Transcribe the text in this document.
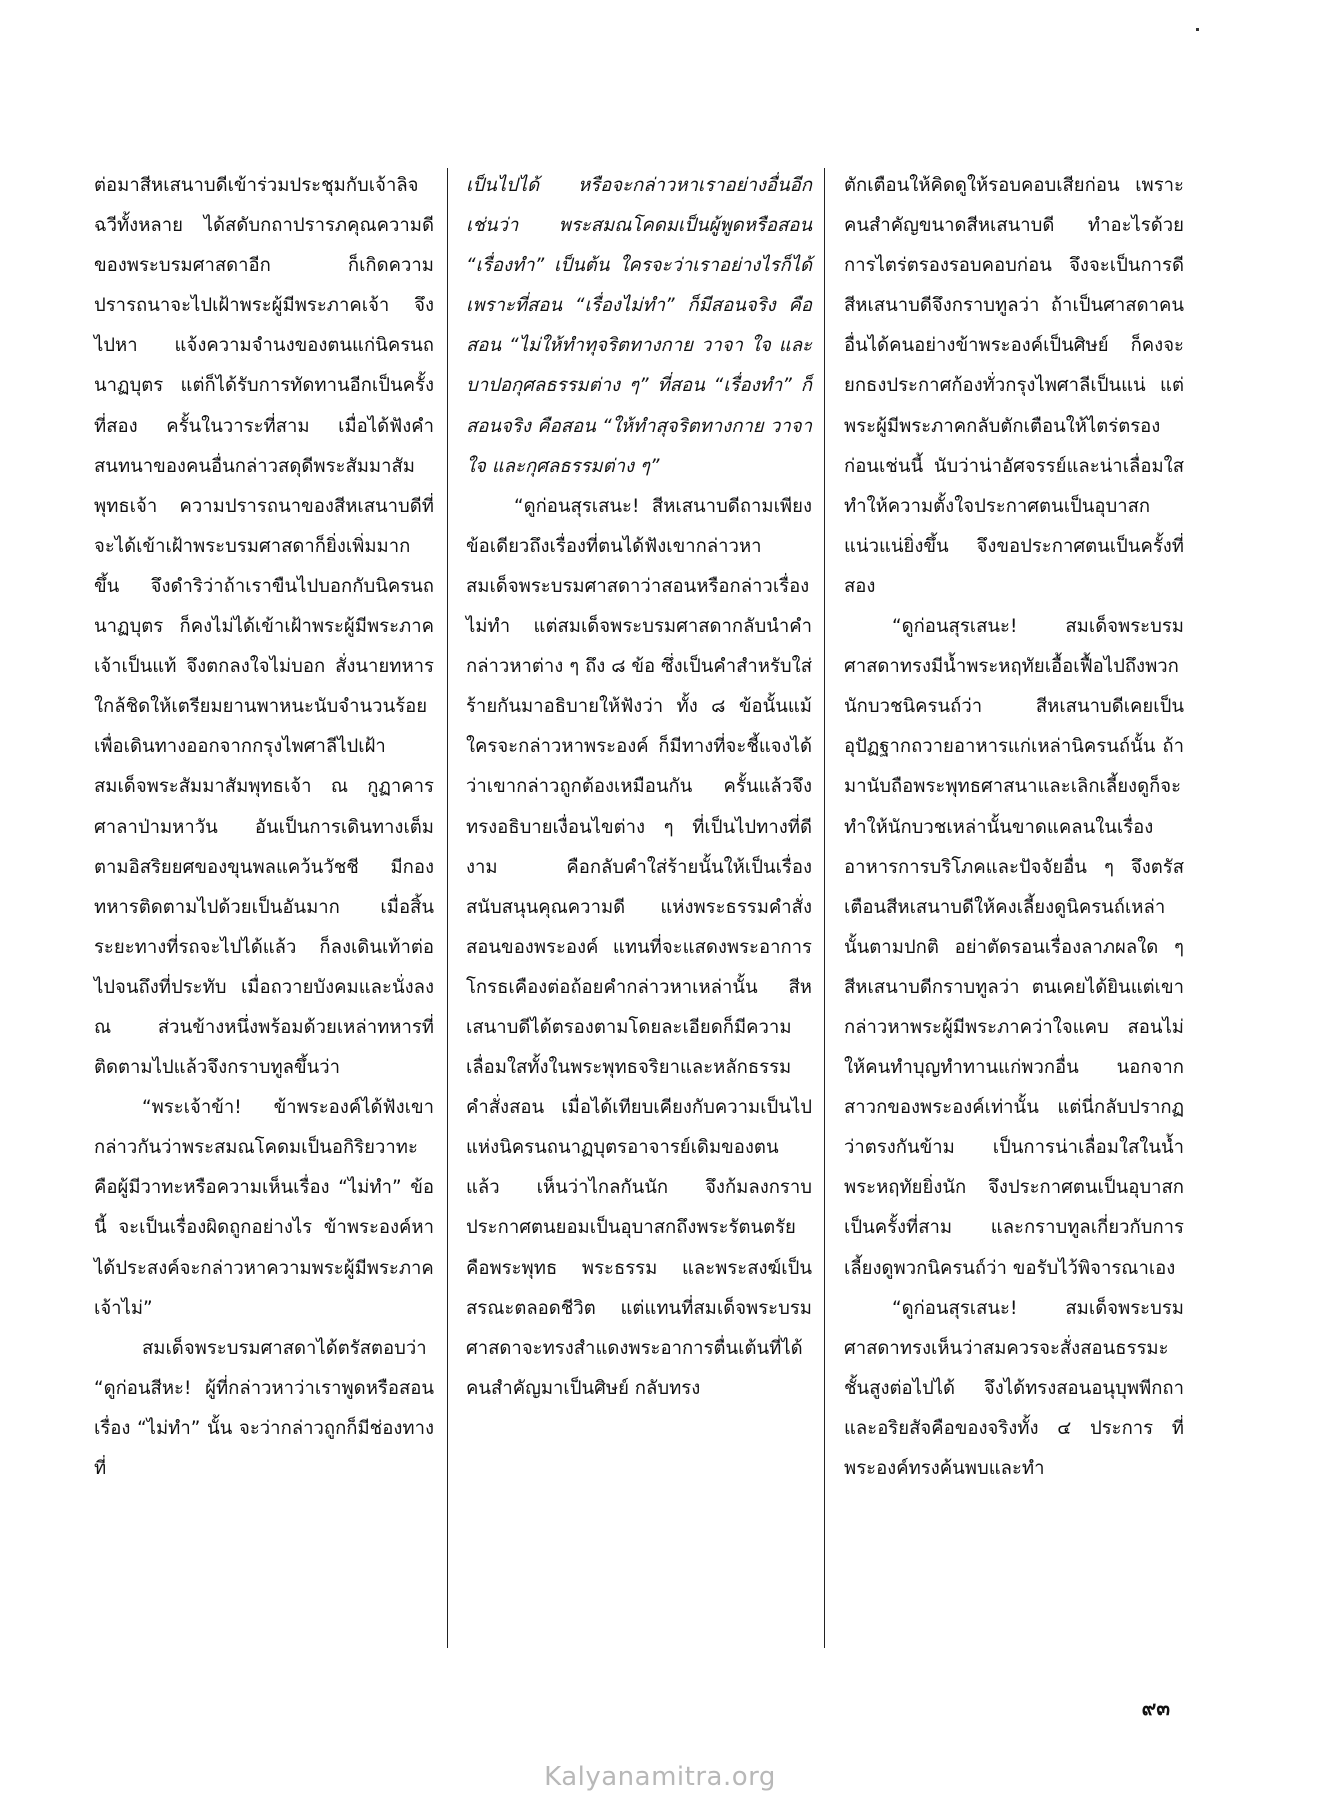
ต่อมาสีหเสนาบดีเข้าร่วมประชุมกับเจ้าลิจฉวีทั้งหลาย ได้สดับกถาปรารภคุณความดีของพระบรมศาสดาอีก ก็เกิดความปรารถนาจะไปเฝ้าพระผู้มีพระภาคเจ้า จึงไปหา แจ้งความจำนงของตนแก่นิครนถนาฏบุตร แต่ก็ได้รับการทัดทานอีกเป็นครั้งที่สอง ครั้นในวาระที่สาม เมื่อได้ฟังคำสนทนาของคนอื่นกล่าวสดุดีพระสัมมาสัมพุทธเจ้า ความปรารถนาของสีหเสนาบดีที่จะได้เข้าเฝ้าพระบรมศาสดาก็ยิ่งเพิ่มมากขึ้น จึงดำริว่าถ้าเราขืนไปบอกกับนิครนถนาฏบุตร ก็คงไม่ได้เข้าเฝ้าพระผู้มีพระภาคเจ้าเป็นแท้ จึงตกลงใจไม่บอก สั่งนายทหารใกล้ชิดให้เตรียมยานพาหนะนับจำนวนร้อย เพื่อเดินทางออกจากกรุงไพศาลีไปเฝ้าสมเด็จพระสัมมาสัมพุทธเจ้า ณ กูฏาคารศาลาป่ามหาวัน อันเป็นการเดินทางเต็มตามอิสริยยศของขุนพลแคว้นวัชชี มีกองทหารติดตามไปด้วยเป็นอันมาก เมื่อสิ้นระยะทางที่รถจะไปได้แล้ว ก็ลงเดินเท้าต่อไปจนถึงที่ประทับ เมื่อถวายบังคมและนั่งลง ณ ส่วนข้างหนึ่งพร้อมด้วยเหล่าทหารที่ติดตามไปแล้วจึงกราบทูลขึ้นว่า

“พระเจ้าข้า! ข้าพระองค์ได้ฟังเขากล่าวกันว่าพระสมณโคดมเป็นอกิริยวาทะ คือผู้มีวาทะหรือความเห็นเรื่อง “ไม่ทำ” ข้อนี้ จะเป็นเรื่องผิดถูกอย่างไร ข้าพระองค์หาได้ประสงค์จะกล่าวหาความพระผู้มีพระภาคเจ้าไม่”

สมเด็จพระบรมศาสดาได้ตรัสตอบว่า “ดูก่อนสีหะ! ผู้ที่กล่าวหาว่าเราพูดหรือสอนเรื่อง “ไม่ทำ” นั้น จะว่ากล่าวถูกก็มีช่องทางที่

เป็นไปได้ หรือจะกล่าวหาเราอย่างอื่นอีก เช่นว่า พระสมณโคดมเป็นผู้พูดหรือสอน “เรื่องทำ” เป็นต้น ใครจะว่าเราอย่างไรก็ได้ เพราะที่สอน “เรื่องไม่ทำ” ก็มีสอนจริง คือสอน “ไม่ให้ทำทุจริตทางกาย วาจา ใจ และบาปอกุศลธรรมต่าง ๆ” ที่สอน “เรื่องทำ” ก็สอนจริง คือสอน “ให้ทำสุจริตทางกาย วาจา ใจ และกุศลธรรมต่าง ๆ”

“ดูก่อนสุรเสนะ! สีหเสนาบดีถามเพียงข้อเดียวถึงเรื่องที่ตนได้ฟังเขากล่าวหาสมเด็จพระบรมศาสดาว่าสอนหรือกล่าวเรื่อง ไม่ทำ แต่สมเด็จพระบรมศาสดากลับนำคำกล่าวหาต่าง ๆ ถึง ๘ ข้อ ซึ่งเป็นคำสำหรับใส่ร้ายกันมาอธิบายให้ฟังว่า ทั้ง ๘ ข้อนั้นแม้ใครจะกล่าวหาพระองค์ ก็มีทางที่จะชี้แจงได้ว่าเขากล่าวถูกต้องเหมือนกัน ครั้นแล้วจึงทรงอธิบายเงื่อนไขต่าง ๆ ที่เป็นไปทางที่ดีงาม คือกลับคำใส่ร้ายนั้นให้เป็นเรื่องสนับสนุนคุณความดี แห่งพระธรรมคำสั่งสอนของพระองค์ แทนที่จะแสดงพระอาการโกรธเคืองต่อถ้อยคำกล่าวหาเหล่านั้น สีหเสนาบดีได้ตรองตามโดยละเอียดก็มีความเลื่อมใสทั้งในพระพุทธจริยาและหลักธรรมคำสั่งสอน เมื่อได้เทียบเคียงกับความเป็นไปแห่งนิครนถนาฏบุตรอาจารย์เดิมของตนแล้ว เห็นว่าไกลกันนัก จึงก้มลงกราบประกาศตนยอมเป็นอุบาสกถึงพระรัตนตรัย คือพระพุทธ พระธรรม และพระสงฆ์เป็นสรณะตลอดชีวิต แต่แทนที่สมเด็จพระบรมศาสดาจะทรงสำแดงพระอาการตื่นเต้นที่ได้คนสำคัญมาเป็นศิษย์ กลับทรง

ตักเตือนให้คิดดูให้รอบคอบเสียก่อน เพราะคนสำคัญขนาดสีหเสนาบดี ทำอะไรด้วยการไตร่ตรองรอบคอบก่อน จึงจะเป็นการดี สีหเสนาบดีจึงกราบทูลว่า ถ้าเป็นศาสดาคนอื่นได้คนอย่างข้าพระองค์เป็นศิษย์ ก็คงจะยกธงประกาศก้องทั่วกรุงไพศาลีเป็นแน่ แต่พระผู้มีพระภาคกลับตักเตือนให้ไตร่ตรองก่อนเช่นนี้ นับว่าน่าอัศจรรย์และน่าเลื่อมใส ทำให้ความตั้งใจประกาศตนเป็นอุบาสกแน่วแน่ยิ่งขึ้น จึงขอประกาศตนเป็นครั้งที่สอง

“ดูก่อนสุรเสนะ! สมเด็จพระบรมศาสดาทรงมีน้ำพระหฤทัยเอื้อเฟื้อไปถึงพวกนักบวชนิครนถ์ว่า สีหเสนาบดีเคยเป็นอุปัฏฐากถวายอาหารแก่เหล่านิครนถ์นั้น ถ้ามานับถือพระพุทธศาสนาและเลิกเลี้ยงดูก็จะทำให้นักบวชเหล่านั้นขาดแคลนในเรื่องอาหารการบริโภคและปัจจัยอื่น ๆ จึงตรัสเตือนสีหเสนาบดีให้คงเลี้ยงดูนิครนถ์เหล่านั้นตามปกติ อย่าตัดรอนเรื่องลาภผลใด ๆ สีหเสนาบดีกราบทูลว่า ตนเคยได้ยินแต่เขากล่าวหาพระผู้มีพระภาคว่าใจแคบ สอนไม่ให้คนทำบุญทำทานแก่พวกอื่น นอกจากสาวกของพระองค์เท่านั้น แต่นี่กลับปรากฏว่าตรงกันข้าม เป็นการน่าเลื่อมใสในน้ำพระหฤทัยยิ่งนัก จึงประกาศตนเป็นอุบาสก เป็นครั้งที่สาม และกราบทูลเกี่ยวกับการเลี้ยงดูพวกนิครนถ์ว่า ขอรับไว้พิจารณาเอง

“ดูก่อนสุรเสนะ! สมเด็จพระบรมศาสดาทรงเห็นว่าสมควรจะสั่งสอนธรรมะชั้นสูงต่อไปได้ จึงได้ทรงสอนอนุบุพพีกถา และอริยสัจคือของจริงทั้ง ๔ ประการ ที่พระองค์ทรงค้นพบและทำ

๙๓
Kalyanamitra.org
